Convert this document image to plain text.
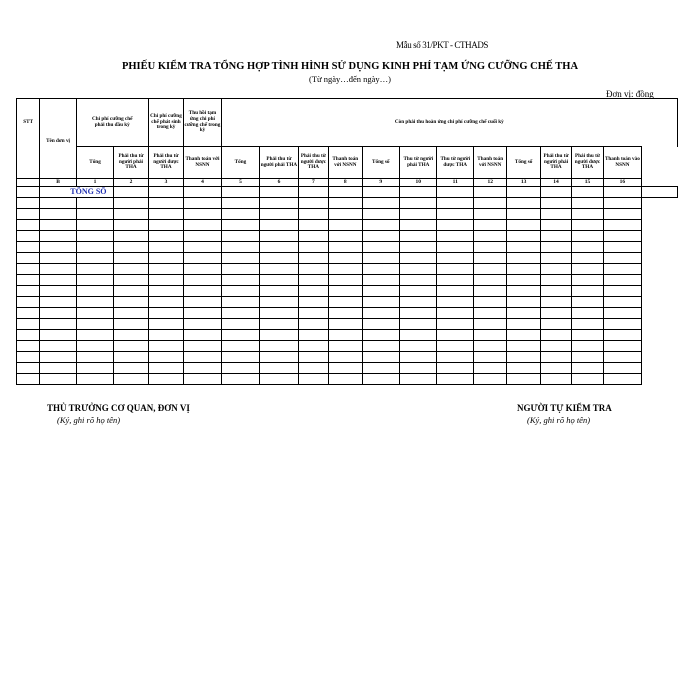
Mẫu số 31/PKT - CTHADS
PHIẾU KIỂM TRA TỔNG HỢP TÌNH HÌNH SỬ DỤNG KINH PHÍ TẠM ỨNG CƯỠNG CHẾ THA
(Từ ngày…đến ngày…)
Đơn vị: đồng
STT	Tên đơn vị	Chi phí cưỡng chế phải thu đầu kỳ		Chi phí cưỡng chế phát sinh trong kỳ	Thu hồi tạm ứng chi phí cưỡng chế trong kỳ	Còn phải thu hoàn ứng chi phí cưỡng chế cuối kỳ												
		Tổng	Phải thu từ người phải THA	Phải thu từ người được THA	Thanh toán với NSNN	Tổng	Phải thu từ người phải THA	Phải thu từ người được THA	Thanh toán với NSNN	Tổng số	Thu từ người phải THA	Thu từ người được THA	Thanh toán với NSNN	Tổng số	Phải thu từ người phải THA	Phải thu từ người được THA	Thanh toán vào NSNN	
	B	1	2	3	4	5	6	7	8	9	10	11	12	13	14	15	16	
	TỔNG SỐ																	

THỦ TRƯỞNG CƠ QUAN, ĐƠN VỊ
(Ký, ghi rõ họ tên)
NGƯỜI TỰ KIỂM TRA
(Ký, ghi rõ họ tên)
